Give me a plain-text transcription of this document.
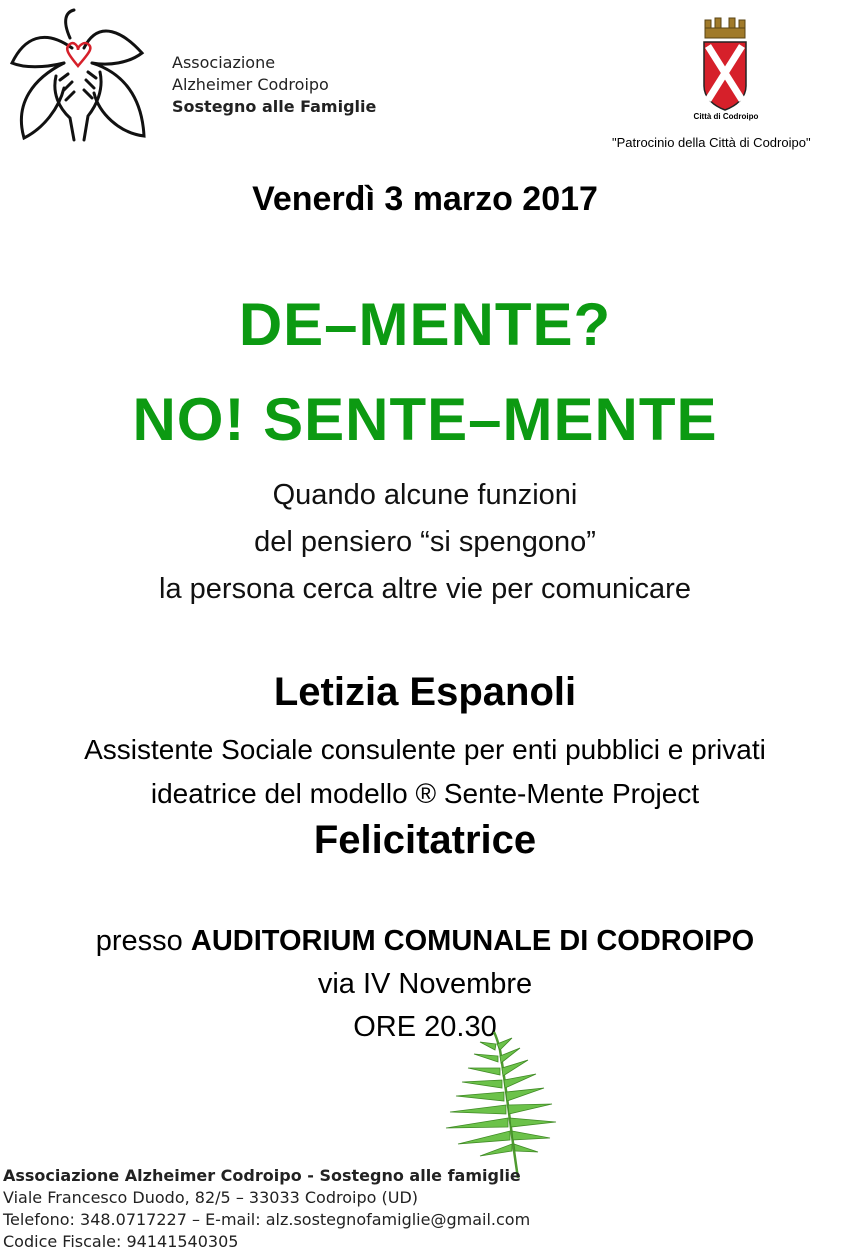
Associazione
Alzheimer Codroipo
Sostegno alle Famiglie
Città di Codroipo
"Patrocinio della Città di Codroipo"
Venerdì 3 marzo 2017
DE–MENTE?
NO! SENTE–MENTE
Quando alcune funzioni
del pensiero “si spengono”
la persona cerca altre vie per comunicare
Letizia Espanoli
Assistente Sociale consulente per enti pubblici e privati
ideatrice del modello ® Sente-Mente Project
Felicitatrice
presso AUDITORIUM COMUNALE DI CODROIPO
via IV Novembre
ORE 20.30
Associazione Alzheimer Codroipo - Sostegno alle famiglie
Viale Francesco Duodo, 82/5 – 33033 Codroipo (UD)
Telefono: 348.0717227 – E-mail: alz.sostegnofamiglie@gmail.com
Codice Fiscale: 94141540305
